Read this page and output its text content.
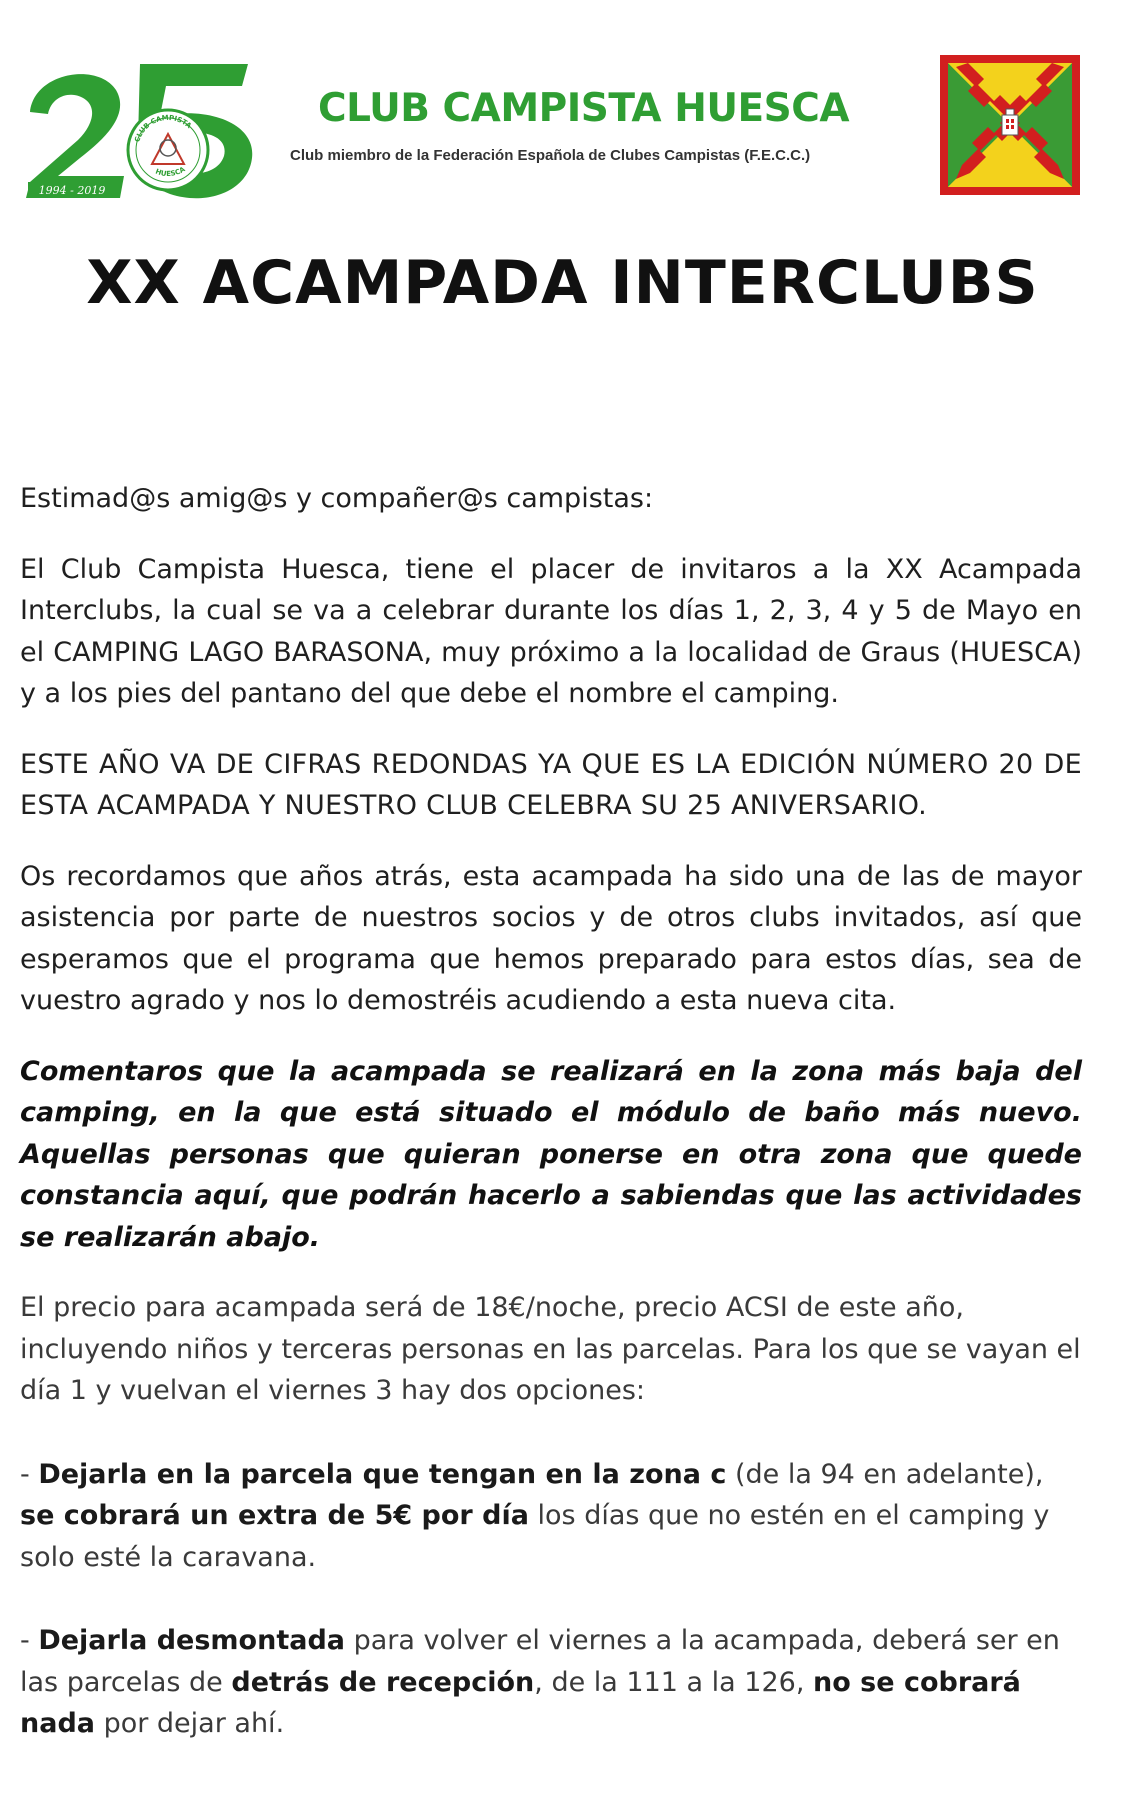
1994 - 2019
CLUB CAMPISTA
HUESCA
CLUB CAMPISTA HUESCA
Club miembro de la Federación Española de Clubes Campistas (F.E.C.C.)
XX ACAMPADA INTERCLUBS

Estimad@s amig@s y compañer@s campistas:

El Club Campista Huesca, tiene el placer de invitaros a la XX Acampada Interclubs, la cual se va a celebrar durante los días 1, 2, 3, 4 y 5 de Mayo en el CAMPING LAGO BARASONA, muy próximo a la localidad de Graus (HUESCA) y a los pies del pantano del que debe el nombre el camping.

ESTE AÑO VA DE CIFRAS REDONDAS YA QUE ES LA EDICIÓN NÚMERO 20 DE ESTA ACAMPADA Y NUESTRO CLUB CELEBRA SU 25 ANIVERSARIO.

Os recordamos que años atrás, esta acampada ha sido una de las de mayor asistencia por parte de nuestros socios y de otros clubs invitados, así que esperamos que el programa que hemos preparado para estos días, sea de vuestro agrado y nos lo demostréis acudiendo a esta nueva cita.

Comentaros que la acampada se realizará en la zona más baja del camping, en la que está situado el módulo de baño más nuevo. Aquellas personas que quieran ponerse en otra zona que quede constancia aquí, que podrán hacerlo a sabiendas que las actividades se realizarán abajo.

El precio para acampada será de 18€/noche, precio ACSI de este año, incluyendo niños y terceras personas en las parcelas. Para los que se vayan el día 1 y vuelvan el viernes 3 hay dos opciones:

- Dejarla en la parcela que tengan en la zona c (de la 94 en adelante), se cobrará un extra de 5€ por día los días que no estén en el camping y solo esté la caravana.

- Dejarla desmontada para volver el viernes a la acampada, deberá ser en las parcelas de detrás de recepción, de la 111 a la 126, no se cobrará nada por dejar ahí.
